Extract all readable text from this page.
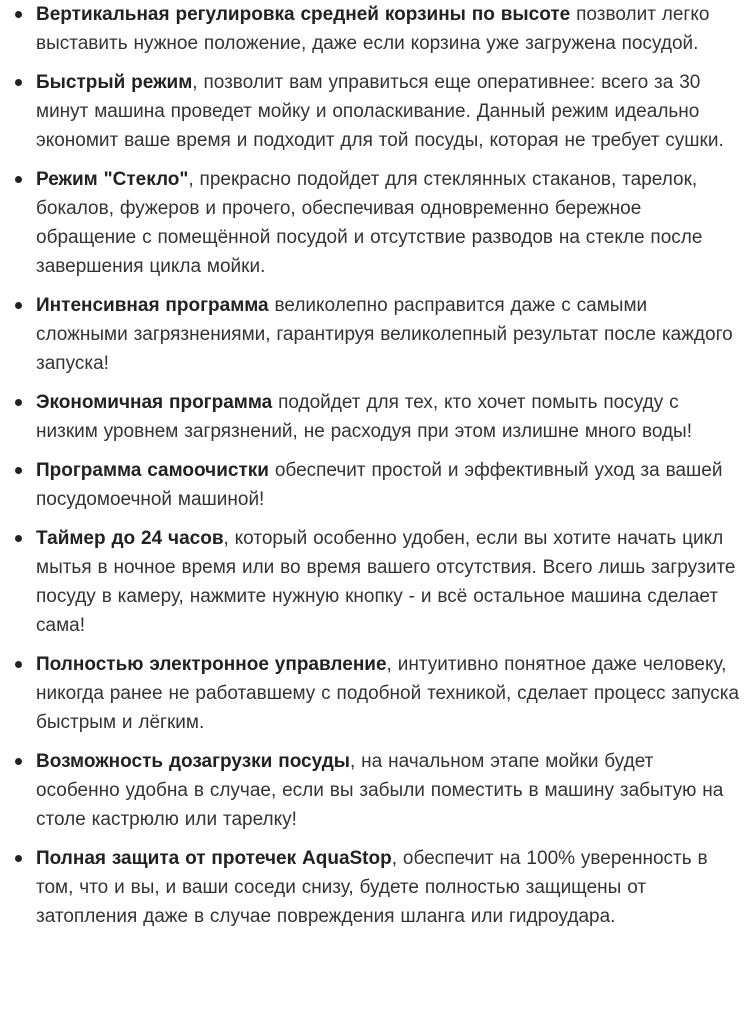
Вертикальная регулировка средней корзины по высоте позволит легко выставить нужное положение, даже если корзина уже загружена посудой.
Быстрый режим, позволит вам управиться еще оперативнее: всего за 30 минут машина проведет мойку и ополаскивание. Данный режим идеально экономит ваше время и подходит для той посуды, которая не требует сушки.
Режим "Стекло", прекрасно подойдет для стеклянных стаканов, тарелок, бокалов, фужеров и прочего, обеспечивая одновременно бережное обращение с помещённой посудой и отсутствие разводов на стекле после завершения цикла мойки.
Интенсивная программа великолепно расправится даже с самыми сложными загрязнениями, гарантируя великолепный результат после каждого запуска!
Экономичная программа подойдет для тех, кто хочет помыть посуду с низким уровнем загрязнений, не расходуя при этом излишне много воды!
Программа самоочистки обеспечит простой и эффективный уход за вашей посудомоечной машиной!
Таймер до 24 часов, который особенно удобен, если вы хотите начать цикл мытья в ночное время или во время вашего отсутствия. Всего лишь загрузите посуду в камеру, нажмите нужную кнопку - и всё остальное машина сделает сама!
Полностью электронное управление, интуитивно понятное даже человеку, никогда ранее не работавшему с подобной техникой, сделает процесс запуска быстрым и лёгким.
Возможность дозагрузки посуды, на начальном этапе мойки будет особенно удобна в случае, если вы забыли поместить в машину забытую на столе кастрюлю или тарелку!
Полная защита от протечек AquaStop, обеспечит на 100% уверенность в том, что и вы, и ваши соседи снизу, будете полностью защищены от затопления даже в случае повреждения шланга или гидроудара.
